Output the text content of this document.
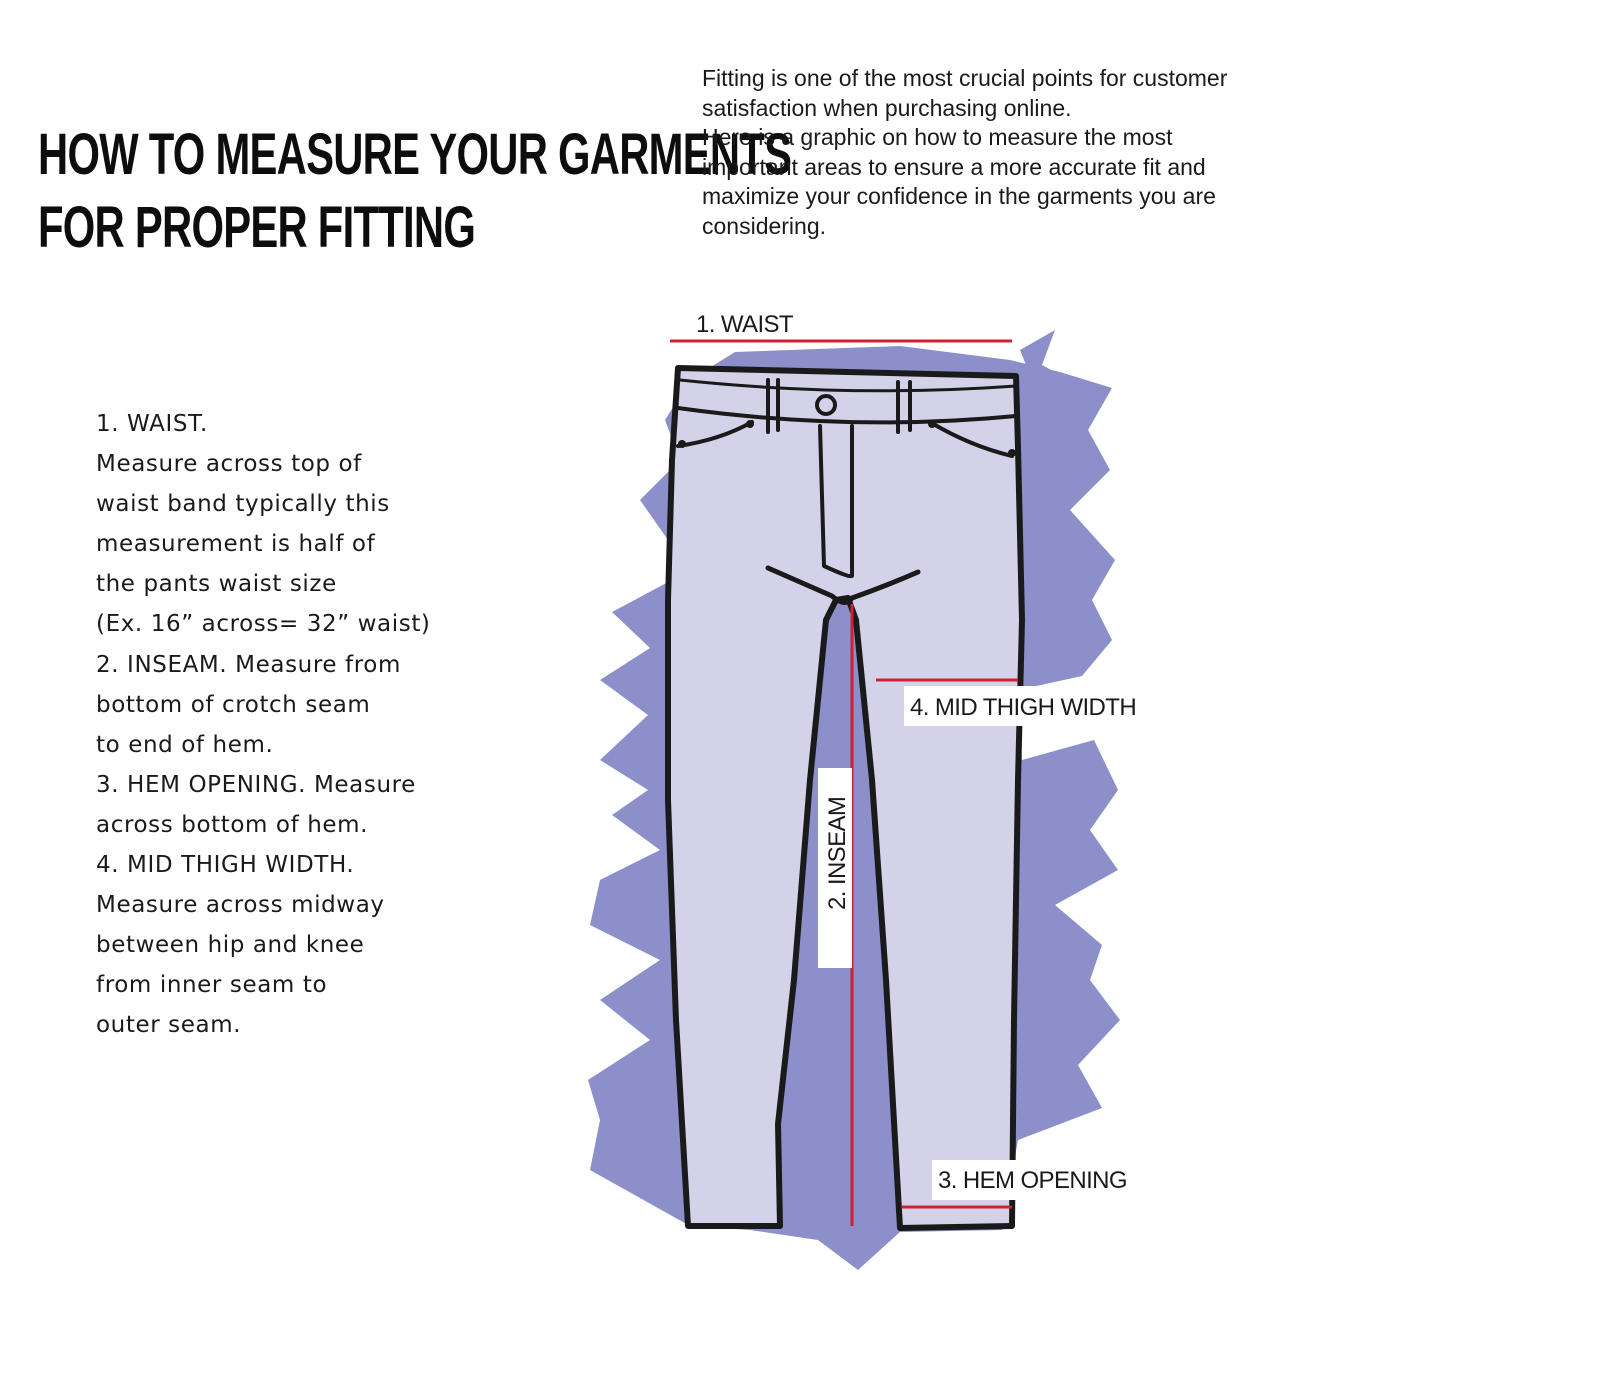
HOW TO MEASURE YOUR GARMENTS
FOR PROPER FITTING

Fitting is one of the most crucial points for customer satisfaction when purchasing online.

Here is a graphic on how to measure the most important areas to ensure a more accurate fit and maximize your confidence in the garments you are considering.

1. WAIST.
Measure across top of
waist band typically this
measurement is half of
the pants waist size
(Ex. 16” across= 32” waist)
2. INSEAM. Measure from
bottom of crotch seam
to end of hem.
3. HEM OPENING. Measure
across bottom of hem.
4. MID THIGH WIDTH.
Measure across midway
between hip and knee
from inner seam to
outer seam.
1. WAIST
4. MID THIGH WIDTH
3. HEM OPENING
2. INSEAM
